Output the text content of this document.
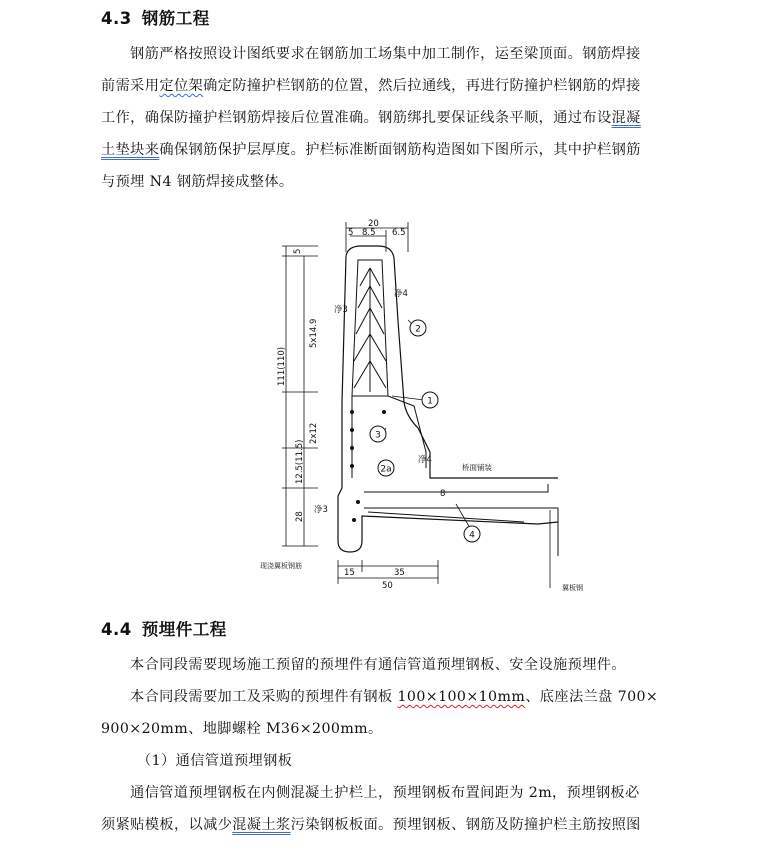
4.3 钢筋工程
钢筋严格按照设计图纸要求在钢筋加工场集中加工制作，运至梁顶面。钢筋焊接
前需采用定位架确定防撞护栏钢筋的位置，然后拉通线，再进行防撞护栏钢筋的焊接
工作，确保防撞护栏钢筋焊接后位置准确。钢筋绑扎要保证线条平顺，通过布设混凝
土垫块来确保钢筋保护层厚度。护栏标准断面钢筋构造图如下图所示，其中护栏钢筋
与预埋 N4 钢筋焊接成整体。
2
1
3
2a
4
20
5 8.5 6.5
净4
净3
净4
8
桥面铺装
现浇翼板钢筋
翼板钢
净3
15	35
50
5
5x14.9
111(110)
2x12
12.5(11.5)
28
4.4 预埋件工程
本合同段需要现场施工预留的预埋件有通信管道预埋钢板、安全设施预埋件。
本合同段需要加工及采购的预埋件有钢板 100×100×10mm、底座法兰盘 700×
900×20mm、地脚螺栓 M36×200mm。
（1）通信管道预埋钢板
通信管道预埋钢板在内侧混凝土护栏上，预埋钢板布置间距为 2m，预埋钢板必
须紧贴模板，以减少混凝土浆污染钢板板面。预埋钢板、钢筋及防撞护栏主筋按照图
